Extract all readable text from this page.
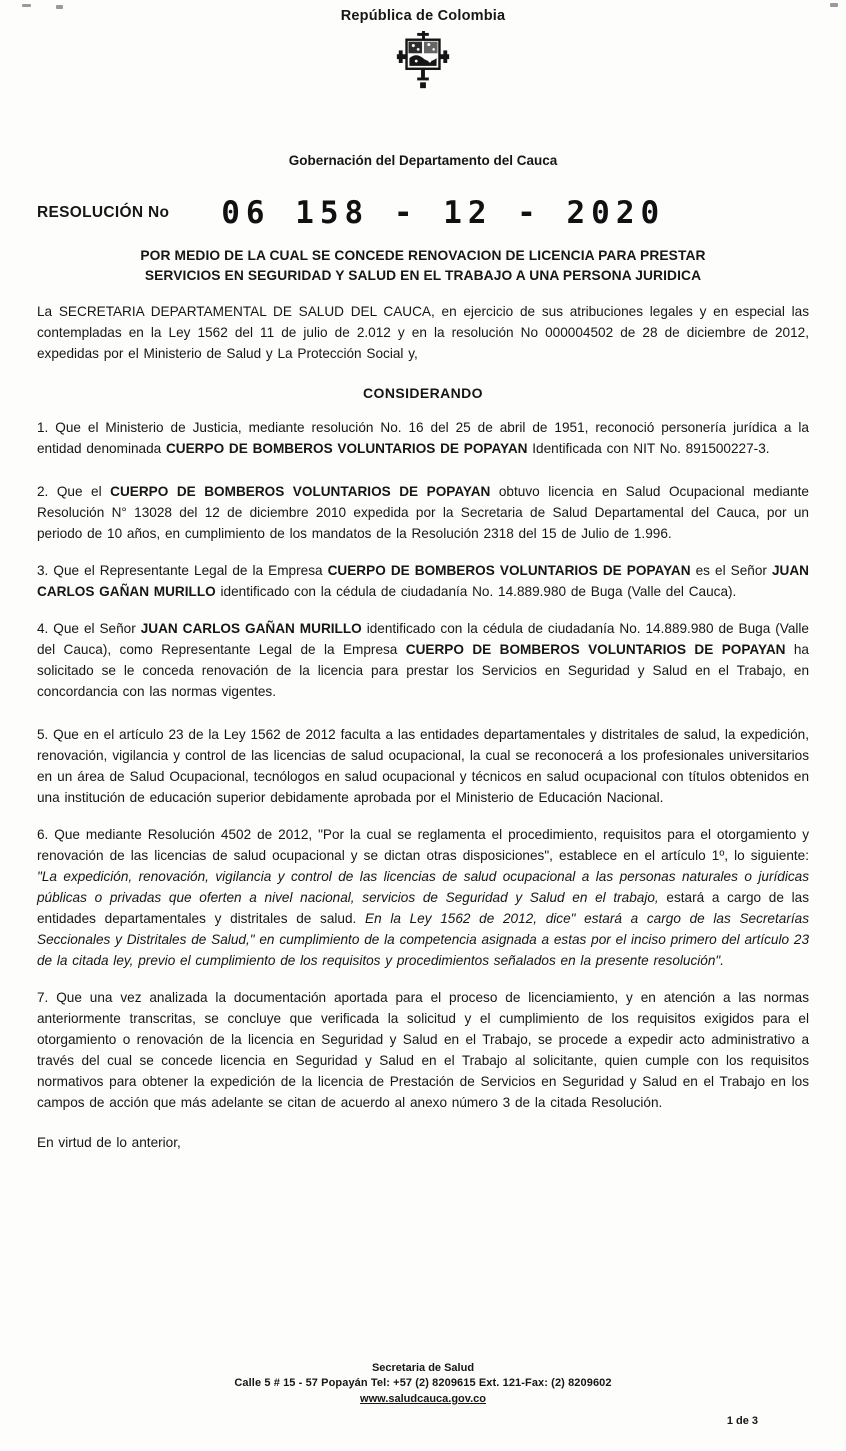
República de Colombia
Gobernación del Departamento del Cauca
RESOLUCIÓN No 06 158 - 12 - 2020
POR MEDIO DE LA CUAL SE CONCEDE RENOVACION DE LICENCIA PARA PRESTAR
SERVICIOS EN SEGURIDAD Y SALUD EN EL TRABAJO A UNA PERSONA JURIDICA

La SECRETARIA DEPARTAMENTAL DE SALUD DEL CAUCA, en ejercicio de sus atribuciones legales y en especial las contempladas en la Ley 1562 del 11 de julio de 2.012 y en la resolución No 000004502 de 28 de diciembre de 2012, expedidas por el Ministerio de Salud y La Protección Social y,

CONSIDERANDO

1. Que el Ministerio de Justicia, mediante resolución No. 16 del 25 de abril de 1951, reconoció personería jurídica a la entidad denominada CUERPO DE BOMBEROS VOLUNTARIOS DE POPAYAN Identificada con NIT No. 891500227-3.

2. Que el CUERPO DE BOMBEROS VOLUNTARIOS DE POPAYAN obtuvo licencia en Salud Ocupacional mediante Resolución N° 13028 del 12 de diciembre 2010 expedida por la Secretaria de Salud Departamental del Cauca, por un periodo de 10 años, en cumplimiento de los mandatos de la Resolución 2318 del 15 de Julio de 1.996.

3. Que el Representante Legal de la Empresa CUERPO DE BOMBEROS VOLUNTARIOS DE POPAYAN es el Señor JUAN CARLOS GAÑAN MURILLO identificado con la cédula de ciudadanía No. 14.889.980 de Buga (Valle del Cauca).

4. Que el Señor JUAN CARLOS GAÑAN MURILLO identificado con la cédula de ciudadanía No. 14.889.980 de Buga (Valle del Cauca), como Representante Legal de la Empresa CUERPO DE BOMBEROS VOLUNTARIOS DE POPAYAN ha solicitado se le conceda renovación de la licencia para prestar los Servicios en Seguridad y Salud en el Trabajo, en concordancia con las normas vigentes.

5. Que en el artículo 23 de la Ley 1562 de 2012 faculta a las entidades departamentales y distritales de salud, la expedición, renovación, vigilancia y control de las licencias de salud ocupacional, la cual se reconocerá a los profesionales universitarios en un área de Salud Ocupacional, tecnólogos en salud ocupacional y técnicos en salud ocupacional con títulos obtenidos en una institución de educación superior debidamente aprobada por el Ministerio de Educación Nacional.

6. Que mediante Resolución 4502 de 2012, "Por la cual se reglamenta el procedimiento, requisitos para el otorgamiento y renovación de las licencias de salud ocupacional y se dictan otras disposiciones", establece en el artículo 1º, lo siguiente: "La expedición, renovación, vigilancia y control de las licencias de salud ocupacional a las personas naturales o jurídicas públicas o privadas que oferten a nivel nacional, servicios de Seguridad y Salud en el trabajo, estará a cargo de las entidades departamentales y distritales de salud. En la Ley 1562 de 2012, dice" estará a cargo de las Secretarías Seccionales y Distritales de Salud," en cumplimiento de la competencia asignada a estas por el inciso primero del artículo 23 de la citada ley, previo el cumplimiento de los requisitos y procedimientos señalados en la presente resolución".

7. Que una vez analizada la documentación aportada para el proceso de licenciamiento, y en atención a las normas anteriormente transcritas, se concluye que verificada la solicitud y el cumplimiento de los requisitos exigidos para el otorgamiento o renovación de la licencia en Seguridad y Salud en el Trabajo, se procede a expedir acto administrativo a través del cual se concede licencia en Seguridad y Salud en el Trabajo al solicitante, quien cumple con los requisitos normativos para obtener la expedición de la licencia de Prestación de Servicios en Seguridad y Salud en el Trabajo en los campos de acción que más adelante se citan de acuerdo al anexo número 3 de la citada Resolución.

En virtud de lo anterior,

Secretaria de Salud
Calle 5 # 15 - 57 Popayán Tel: +57 (2) 8209615 Ext. 121-Fax: (2) 8209602
www.saludcauca.gov.co
1 de 3
